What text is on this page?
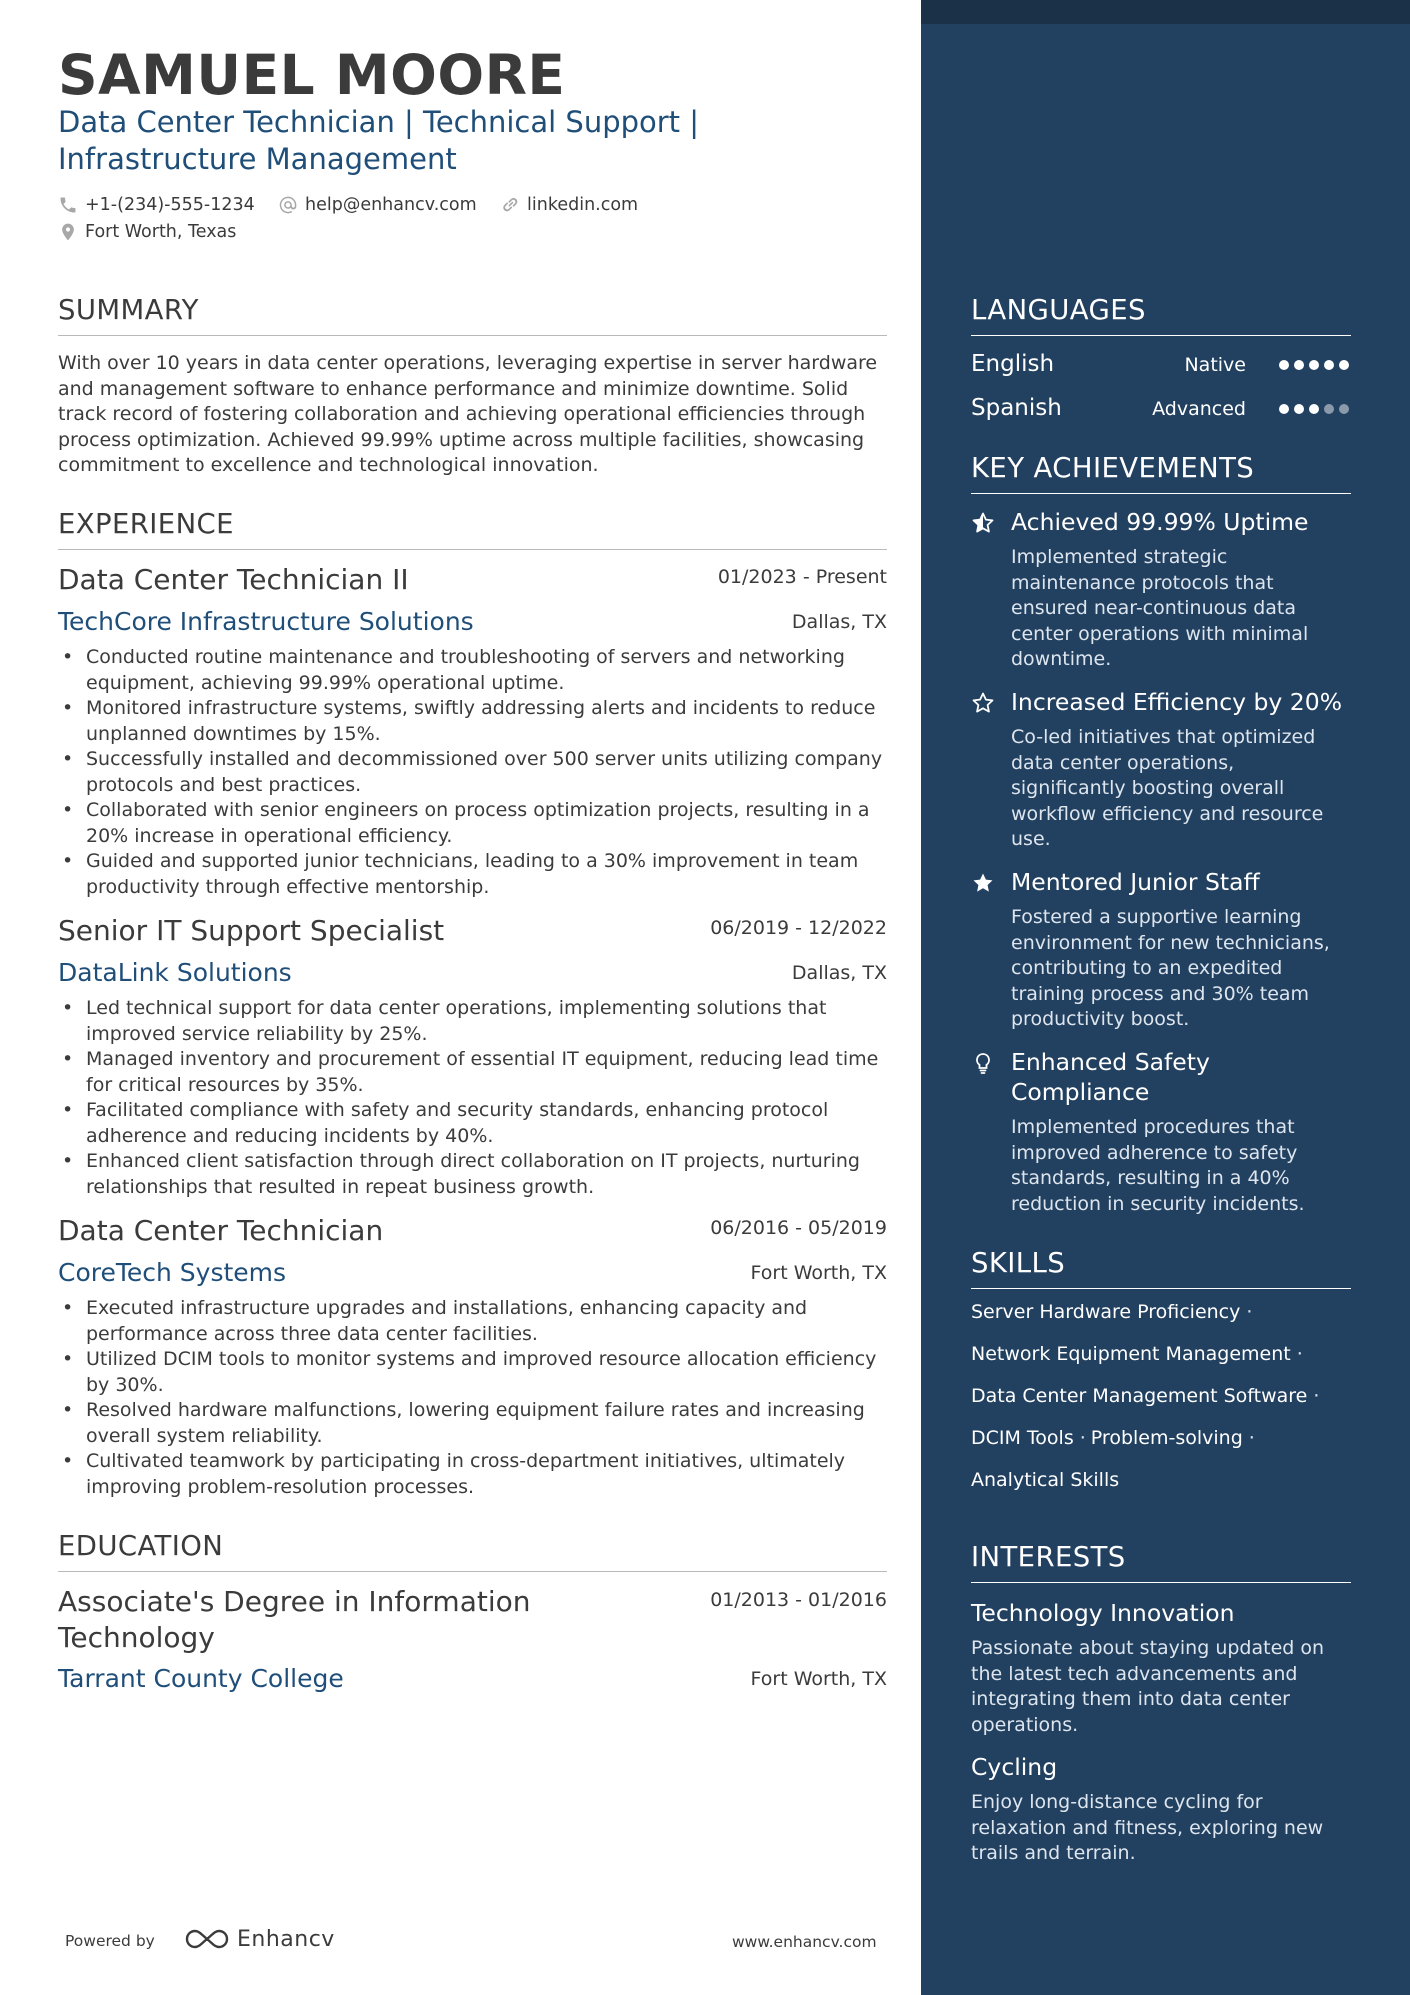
SAMUEL MOORE
Data Center Technician | Technical Support | Infrastructure Management
+1-(234)-555-1234	help@enhancv.com	linkedin.com
Fort Worth, Texas
SUMMARY
With over 10 years in data center operations, leveraging expertise in server hardware and management software to enhance performance and minimize downtime. Solid track record of fostering collaboration and achieving operational efficiencies through process optimization. Achieved 99.99% uptime across multiple facilities, showcasing commitment to excellence and technological innovation.
EXPERIENCE
Data Center Technician II	01/2023 - Present
TechCore Infrastructure Solutions	Dallas, TX
• Conducted routine maintenance and troubleshooting of servers and networking equipment, achieving 99.99% operational uptime.
• Monitored infrastructure systems, swiftly addressing alerts and incidents to reduce unplanned downtimes by 15%.
• Successfully installed and decommissioned over 500 server units utilizing company protocols and best practices.
• Collaborated with senior engineers on process optimization projects, resulting in a 20% increase in operational efficiency.
• Guided and supported junior technicians, leading to a 30% improvement in team productivity through effective mentorship.
Senior IT Support Specialist	06/2019 - 12/2022
DataLink Solutions	Dallas, TX
• Led technical support for data center operations, implementing solutions that improved service reliability by 25%.
• Managed inventory and procurement of essential IT equipment, reducing lead time for critical resources by 35%.
• Facilitated compliance with safety and security standards, enhancing protocol adherence and reducing incidents by 40%.
• Enhanced client satisfaction through direct collaboration on IT projects, nurturing relationships that resulted in repeat business growth.
Data Center Technician	06/2016 - 05/2019
CoreTech Systems	Fort Worth, TX
• Executed infrastructure upgrades and installations, enhancing capacity and performance across three data center facilities.
• Utilized DCIM tools to monitor systems and improved resource allocation efficiency by 30%.
• Resolved hardware malfunctions, lowering equipment failure rates and increasing overall system reliability.
• Cultivated teamwork by participating in cross-department initiatives, ultimately improving problem-resolution processes.
EDUCATION
Associate's Degree in Information Technology
01/2013 - 01/2016
Tarrant County College	Fort Worth, TX
Powered by	Enhancv	www.enhancv.com
LANGUAGES
English	Native
Spanish	Advanced
KEY ACHIEVEMENTS
Achieved 99.99% Uptime
Implemented strategic maintenance protocols that ensured near-continuous data center operations with minimal downtime.
Increased Efficiency by 20%
Co-led initiatives that optimized data center operations, significantly boosting overall workflow efficiency and resource use.
Mentored Junior Staff
Fostered a supportive learning environment for new technicians, contributing to an expedited training process and 30% team productivity boost.
Enhanced Safety Compliance
Implemented procedures that improved adherence to safety standards, resulting in a 40% reduction in security incidents.
SKILLS
Server Hardware Proficiency ·
Network Equipment Management ·
Data Center Management Software ·
DCIM Tools · Problem-solving ·
Analytical Skills
INTERESTS
Technology Innovation
Passionate about staying updated on the latest tech advancements and integrating them into data center operations.
Cycling
Enjoy long-distance cycling for relaxation and fitness, exploring new trails and terrain.
